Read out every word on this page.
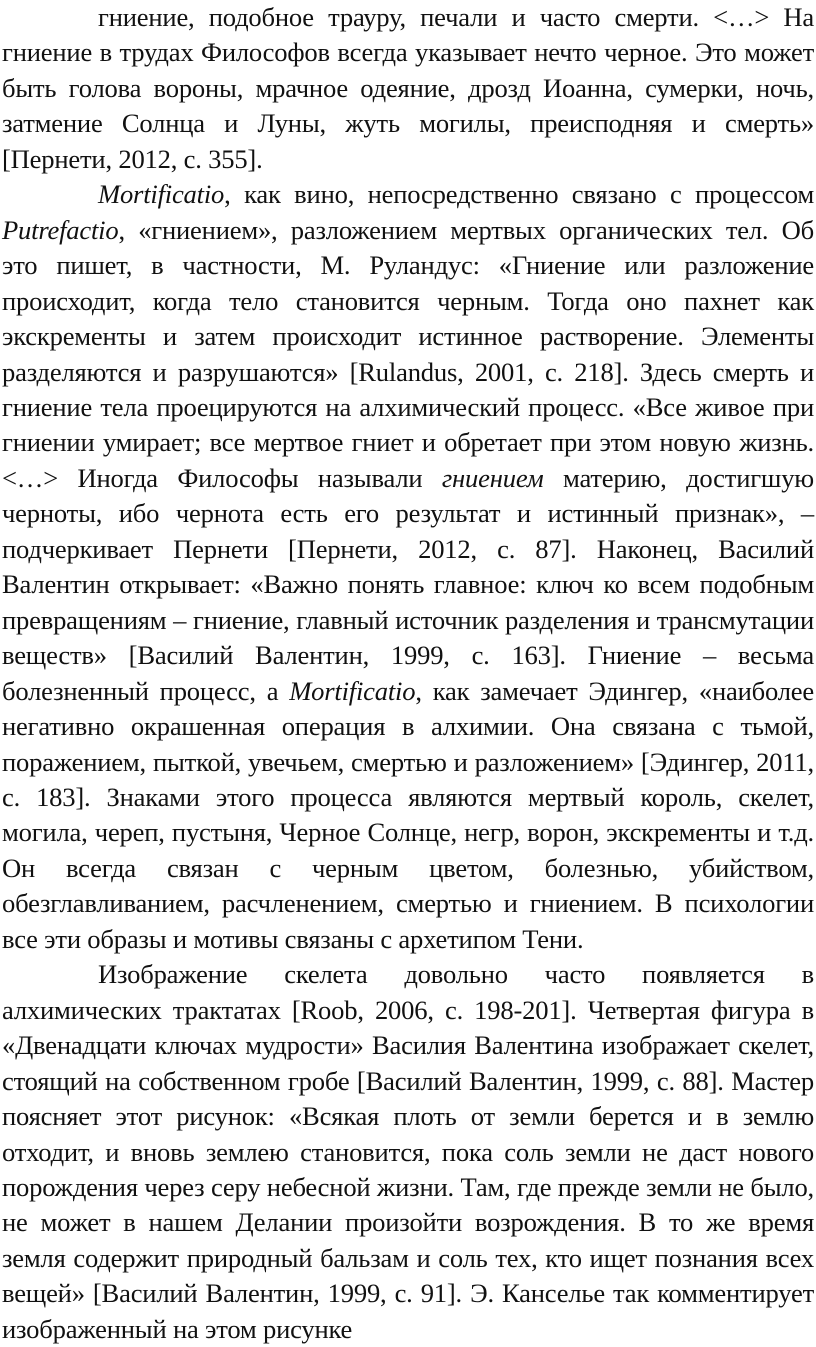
гниение, подобное трауру, печали и часто смерти. <…> На гниение в трудах Философов всегда указывает нечто черное. Это может быть голова вороны, мрачное одеяние, дрозд Иоанна, сумерки, ночь, затмение Солнца и Луны, жуть могилы, преисподняя и смерть» [Пернети, 2012, с. 355].

Mortificatio, как вино, непосредственно связано с процессом Putrefactio, «гниением», разложением мертвых органических тел. Об это пишет, в частности, М. Руландус: «Гниение или разложение происходит, когда тело становится черным. Тогда оно пахнет как экскременты и затем происходит истинное растворение. Элементы разделяются и разрушаются» [Rulandus, 2001, с. 218]. Здесь смерть и гниение тела проецируются на алхимический процесс. «Все живое при гниении умирает; все мертвое гниет и обретает при этом новую жизнь. <…> Иногда Философы называли гниением материю, достигшую черноты, ибо чернота есть его результат и истинный признак», – подчеркивает Пернети [Пернети, 2012, с. 87]. Наконец, Василий Валентин открывает: «Важно понять главное: ключ ко всем подобным превращениям – гниение, главный источник разделения и трансмутации веществ» [Василий Валентин, 1999, с. 163]. Гниение – весьма болезненный процесс, а Mortificatio, как замечает Эдингер, «наиболее негативно окрашенная операция в алхимии. Она связана с тьмой, поражением, пыткой, увечьем, смертью и разложением» [Эдингер, 2011, с. 183]. Знаками этого процесса являются мертвый король, скелет, могила, череп, пустыня, Черное Солнце, негр, ворон, экскременты и т.д. Он всегда связан с черным цветом, болезнью, убийством, обезглавливанием, расчленением, смертью и гниением. В психологии все эти образы и мотивы связаны с архетипом Тени.

Изображение скелета довольно часто появляется в алхимических трактатах [Roob, 2006, с. 198-201]. Четвертая фигура в «Двенадцати ключах мудрости» Василия Валентина изображает скелет, стоящий на собственном гробе [Василий Валентин, 1999, с. 88]. Мастер поясняет этот рисунок: «Всякая плоть от земли берется и в землю отходит, и вновь землею становится, пока соль земли не даст нового порождения через серу небесной жизни. Там, где прежде земли не было, не может в нашем Делании произойти возрождения. В то же время земля содержит природный бальзам и соль тех, кто ищет познания всех вещей» [Василий Валентин, 1999, с. 91]. Э. Канселье так комментирует изображенный на этом рисунке
